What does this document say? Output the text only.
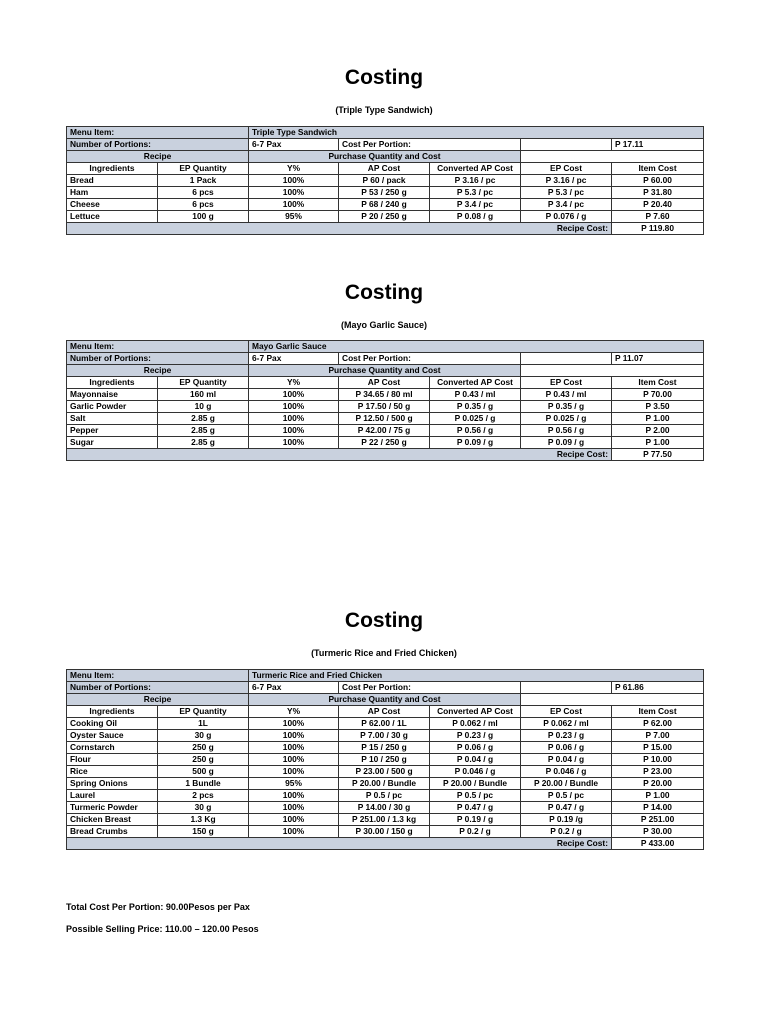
Costing
(Triple Type Sandwich)
Menu Item:		Triple Type Sandwich				
Number of Portions:		6-7 Pax	Cost Per Portion:			P 17.11
Recipe		Purchase Quantity and Cost				
Ingredients	EP Quantity	Y%	AP Cost	Converted AP Cost	EP Cost	Item Cost
Bread	1 Pack	100%	P 60 / pack	P 3.16 / pc	P 3.16 / pc	P 60.00
Ham	6 pcs	100%	P 53 / 250 g	P 5.3 / pc	P 5.3 / pc	P 31.80
Cheese	6 pcs	100%	P 68 / 240 g	P 3.4 / pc	P 3.4 / pc	P 20.40
Lettuce	100 g	95%	P 20 / 250 g	P 0.08 / g	P 0.076 / g	P 7.60
Recipe Cost:						P 119.80
Costing
(Mayo Garlic Sauce)
Menu Item:		Mayo Garlic Sauce				
Number of Portions:		6-7 Pax	Cost Per Portion:			P 11.07
Recipe		Purchase Quantity and Cost				
Ingredients	EP Quantity	Y%	AP Cost	Converted AP Cost	EP Cost	Item Cost
Mayonnaise	160 ml	100%	P 34.65 / 80 ml	P 0.43 / ml	P 0.43 / ml	P 70.00
Garlic Powder	10 g	100%	P 17.50 / 50 g	P 0.35 / g	P 0.35 / g	P 3.50
Salt	2.85 g	100%	P 12.50 / 500 g	P 0.025 / g	P 0.025 / g	P 1.00
Pepper	2.85 g	100%	P 42.00 / 75 g	P 0.56 / g	P 0.56 / g	P 2.00
Sugar	2.85 g	100%	P 22 / 250 g	P 0.09 / g	P 0.09 / g	P 1.00
Recipe Cost:						P 77.50
Costing
(Turmeric Rice and Fried Chicken)
Menu Item:		Turmeric Rice and Fried Chicken				
Number of Portions:		6-7 Pax	Cost Per Portion:			P 61.86
Recipe		Purchase Quantity and Cost				
Ingredients	EP Quantity	Y%	AP Cost	Converted AP Cost	EP Cost	Item Cost
Cooking Oil	1L	100%	P 62.00 / 1L	P 0.062 / ml	P 0.062 / ml	P 62.00
Oyster Sauce	30 g	100%	P 7.00 / 30 g	P 0.23 / g	P 0.23 / g	P 7.00
Cornstarch	250 g	100%	P 15 / 250 g	P 0.06 / g	P 0.06 / g	P 15.00
Flour	250 g	100%	P 10 / 250 g	P 0.04 / g	P 0.04 / g	P 10.00
Rice	500 g	100%	P 23.00 / 500 g	P 0.046 / g	P 0.046 / g	P 23.00
Spring Onions	1 Bundle	95%	P 20.00 / Bundle	P 20.00 / Bundle	P 20.00 / Bundle	P 20.00
Laurel	2 pcs	100%	P 0.5 / pc	P 0.5 / pc	P 0.5 / pc	P 1.00
Turmeric Powder	30 g	100%	P 14.00 / 30 g	P 0.47 / g	P 0.47 / g	P 14.00
Chicken Breast	1.3 Kg	100%	P 251.00 / 1.3 kg	P 0.19 / g	P 0.19 /g	P 251.00
Bread Crumbs	150 g	100%	P 30.00 / 150 g	P 0.2 / g	P 0.2 / g	P 30.00
Recipe Cost:						P 433.00
Total Cost Per Portion: 90.00Pesos per Pax
Possible Selling Price: 110.00 – 120.00 Pesos
